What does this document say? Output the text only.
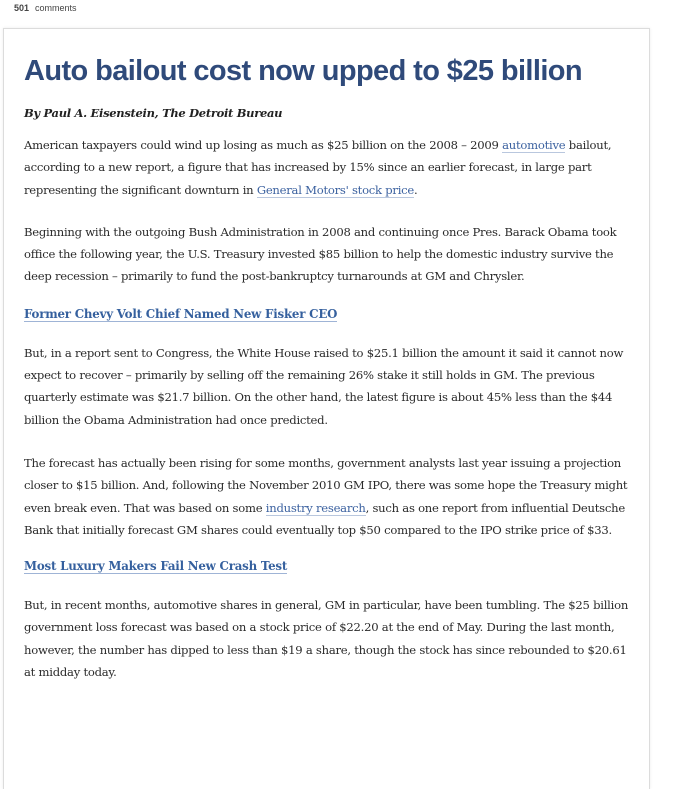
501 comments
Auto bailout cost now upped to $25 billion
By Paul A. Eisenstein, The Detroit Bureau

American taxpayers could wind up losing as much as $25 billion on the 2008 – 2009 automotive bailout, according to a new report, a figure that has increased by 15% since an earlier forecast, in large part representing the significant downturn in General Motors' stock price.

Beginning with the outgoing Bush Administration in 2008 and continuing once Pres. Barack Obama took office the following year, the U.S. Treasury invested $85 billion to help the domestic industry survive the deep recession – primarily to fund the post-bankruptcy turnarounds at GM and Chrysler.

Former Chevy Volt Chief Named New Fisker CEO

But, in a report sent to Congress, the White House raised to $25.1 billion the amount it said it cannot now expect to recover – primarily by selling off the remaining 26% stake it still holds in GM. The previous quarterly estimate was $21.7 billion. On the other hand, the latest figure is about 45% less than the $44 billion the Obama Administration had once predicted.

The forecast has actually been rising for some months, government analysts last year issuing a projection closer to $15 billion. And, following the November 2010 GM IPO, there was some hope the Treasury might even break even. That was based on some industry research, such as one report from influential Deutsche Bank that initially forecast GM shares could eventually top $50 compared to the IPO strike price of $33.

Most Luxury Makers Fail New Crash Test

But, in recent months, automotive shares in general, GM in particular, have been tumbling. The $25 billion government loss forecast was based on a stock price of $22.20 at the end of May. During the last month, however, the number has dipped to less than $19 a share, though the stock has since rebounded to $20.61 at midday today.
